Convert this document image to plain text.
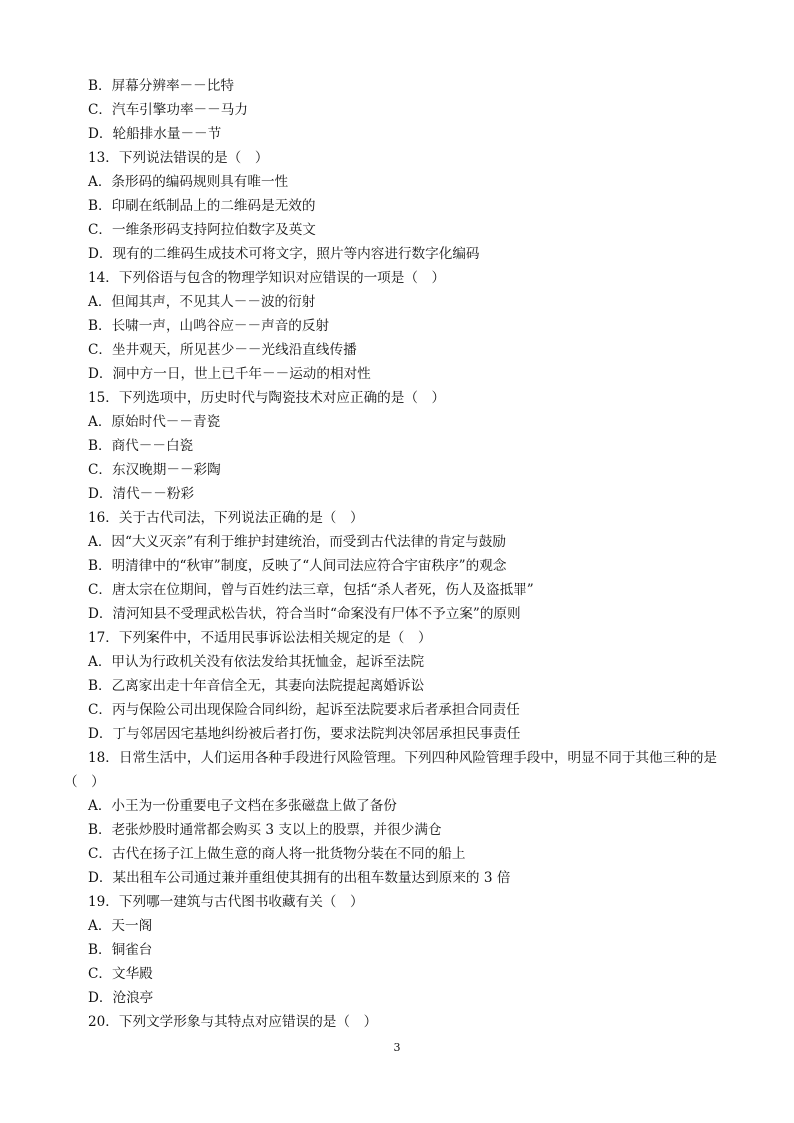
B．屏幕分辨率－－比特
C．汽车引擎功率－－马力
D．轮船排水量－－节
13．下列说法错误的是（　）
A．条形码的编码规则具有唯一性
B．印刷在纸制品上的二维码是无效的
C．一维条形码支持阿拉伯数字及英文
D．现有的二维码生成技术可将文字，照片等内容进行数字化编码
14．下列俗语与包含的物理学知识对应错误的一项是（　）
A．但闻其声，不见其人－－波的衍射
B．长啸一声，山鸣谷应－－声音的反射
C．坐井观天，所见甚少－－光线沿直线传播
D．洞中方一日，世上已千年－－运动的相对性
15．下列选项中，历史时代与陶瓷技术对应正确的是（　）
A．原始时代－－青瓷
B．商代－－白瓷
C．东汉晚期－－彩陶
D．清代－－粉彩
16．关于古代司法，下列说法正确的是（　）
A．因“大义灭亲”有利于维护封建统治，而受到古代法律的肯定与鼓励
B．明清律中的“秋审”制度，反映了“人间司法应符合宇宙秩序”的观念
C．唐太宗在位期间，曾与百姓约法三章，包括“杀人者死，伤人及盗抵罪”
D．清河知县不受理武松告状，符合当时“命案没有尸体不予立案”的原则
17．下列案件中，不适用民事诉讼法相关规定的是（　）
A．甲认为行政机关没有依法发给其抚恤金，起诉至法院
B．乙离家出走十年音信全无，其妻向法院提起离婚诉讼
C．丙与保险公司出现保险合同纠纷，起诉至法院要求后者承担合同责任
D．丁与邻居因宅基地纠纷被后者打伤，要求法院判决邻居承担民事责任
18．日常生活中，人们运用各种手段进行风险管理。下列四种风险管理手段中，明显不同于其他三种的是
（　）
A．小王为一份重要电子文档在多张磁盘上做了备份
B．老张炒股时通常都会购买 3 支以上的股票，并很少满仓
C．古代在扬子江上做生意的商人将一批货物分装在不同的船上
D．某出租车公司通过兼并重组使其拥有的出租车数量达到原来的 3 倍
19．下列哪一建筑与古代图书收藏有关（　）
A．天一阁
B．铜雀台
C．文华殿
D．沧浪亭
20．下列文学形象与其特点对应错误的是（　）
3
